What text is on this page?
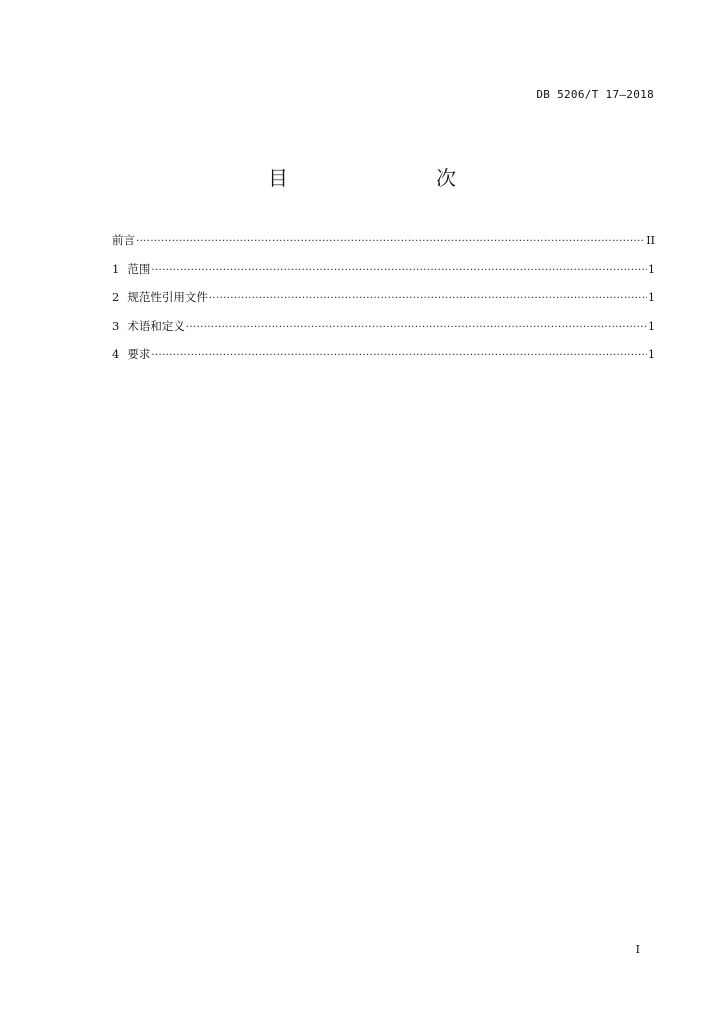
DB 5206/T 17—2018
目　　次
前言 ·····	II
1 范围 ·····	1
2 规范性引用文件 ·····	1
3 术语和定义 ·····	1
4 要求 ·····	1
I
